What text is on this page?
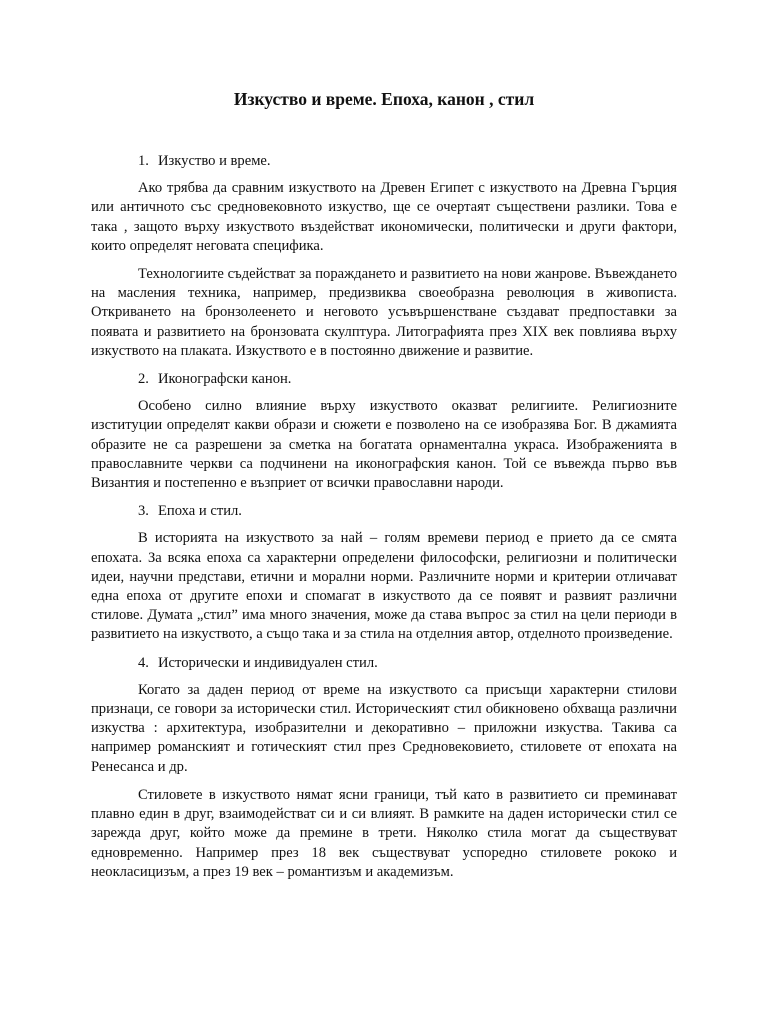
Изкуство и време. Епоха, канон , стил

1. Изкуство и време.

Ако трябва да сравним изкуството на Древен Египет с изкуството на Древна Гърция или античното със средновековното изкуство, ще се очертаят съществени разлики. Това е така , защото върху изкуството въздействат икономически, политически и други фактори, които определят неговата специфика.

Технологиите съдействат за пораждането и развитието на нови жанрове. Въвеждането на масления техника, например, предизвиква своеобразна революция в живописта. Откриването на бронзолеенето и неговото усъвършенстване създават предпоставки за появата и развитието на бронзовата скулптура. Литографията през XIX век повлиява върху изкуството на плаката. Изкуството е в постоянно движение и развитие.

2. Иконографски канон.

Особено силно влияние върху изкуството оказват религиите. Религиозните изституции определят какви образи и сюжети е позволено на се изобразява Бог. В джамията образите не са разрешени за сметка на богатата орнаментална украса. Изображенията в православните черкви са подчинени на иконографския канон. Той се въвежда първо във Византия и постепенно е възприет от всички православни народи.

3. Епоха и стил.

В историята на изкуството за най – голям времеви период е прието да се смята епохата. За всяка епоха са характерни определени философски, религиозни и политически идеи, научни представи, етични и морални норми. Различните норми и критерии отличават една епоха от другите епохи и спомагат в изкуството да се появят и развият различни стилове. Думата „стил” има много значения, може да става въпрос за стил на цели периоди в развитието на изкуството, а също така и за стила на отделния автор, отделното произведение.

4. Исторически и индивидуален стил.

Когато за даден период от време на изкуството са присъщи характерни стилови признаци, се говори за исторически стил. Историческият стил обикновено обхваща различни изкуства : архитектура, изобразителни и декоративно – приложни изкуства. Такива са например романският и готическият стил през Средновековието, стиловете от епохата на Ренесанса и др.

Стиловете в изкуството нямат ясни граници, тъй като в развитието си преминават плавно един в друг, взаимодействат си и си влияят. В рамките на даден исторически стил се зарежда друг, който може да премине в трети. Няколко стила могат да съществуват едновременно. Например през 18 век съществуват успоредно стиловете рококо и неокласицизъм, а през 19 век – романтизъм и академизъм.
